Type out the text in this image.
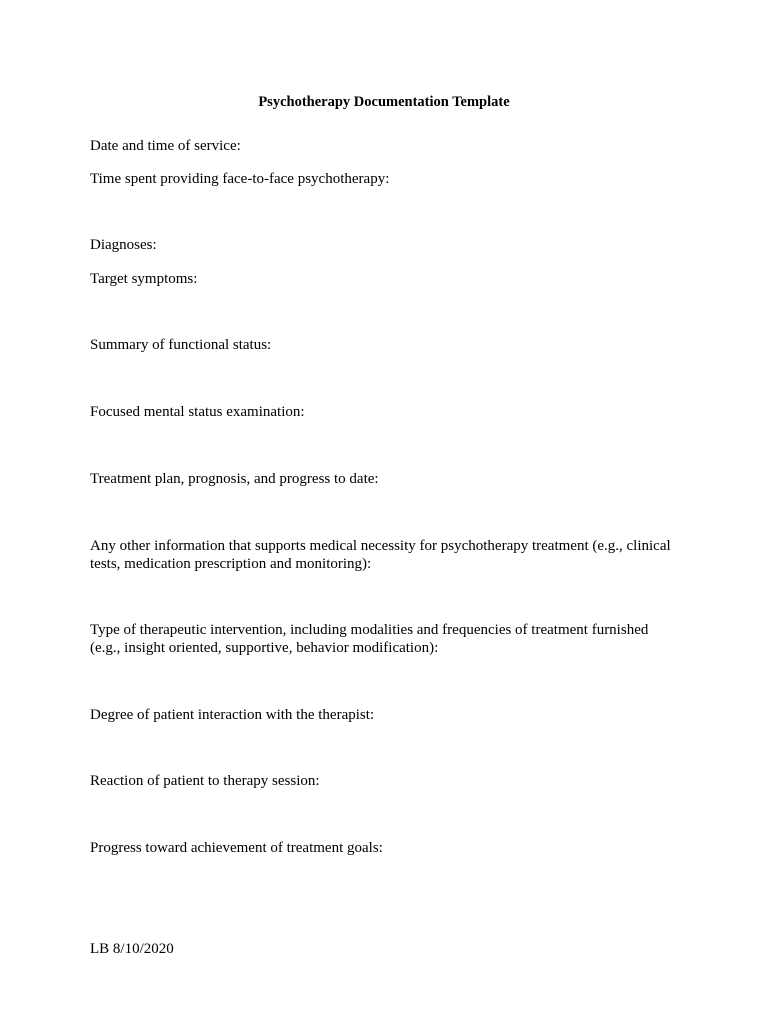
Psychotherapy Documentation Template
Date and time of service:
Time spent providing face-to-face psychotherapy:
Diagnoses:
Target symptoms:
Summary of functional status:
Focused mental status examination:
Treatment plan, prognosis, and progress to date:
Any other information that supports medical necessity for psychotherapy treatment (e.g., clinical tests, medication prescription and monitoring):
Type of therapeutic intervention, including modalities and frequencies of treatment furnished (e.g., insight oriented, supportive, behavior modification):
Degree of patient interaction with the therapist:
Reaction of patient to therapy session:
Progress toward achievement of treatment goals:
LB 8/10/2020
